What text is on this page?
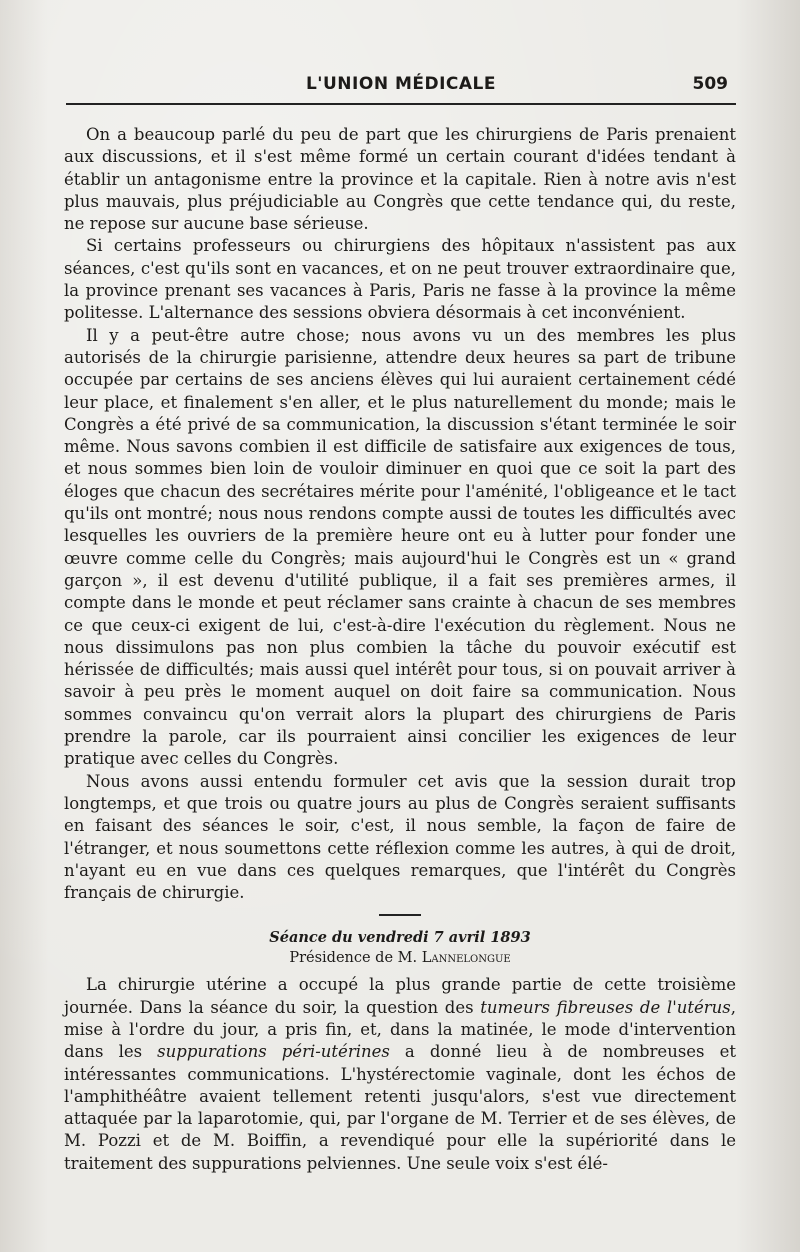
L'UNION MÉDICALE	509

On a beaucoup parlé du peu de part que les chirurgiens de Paris prenaient aux discussions, et il s'est même formé un certain courant d'idées tendant à établir un antagonisme entre la province et la capitale. Rien à notre avis n'est plus mauvais, plus préjudiciable au Congrès que cette tendance qui, du reste, ne repose sur aucune base sérieuse.

Si certains professeurs ou chirurgiens des hôpitaux n'assistent pas aux séances, c'est qu'ils sont en vacances, et on ne peut trouver extraordinaire que, la province prenant ses vacances à Paris, Paris ne fasse à la province la même politesse. L'alternance des sessions obviera désormais à cet inconvénient.

Il y a peut-être autre chose; nous avons vu un des membres les plus autorisés de la chirurgie parisienne, attendre deux heures sa part de tribune occupée par certains de ses anciens élèves qui lui auraient certainement cédé leur place, et finalement s'en aller, et le plus naturellement du monde; mais le Congrès a été privé de sa communication, la discussion s'étant terminée le soir même. Nous savons combien il est difficile de satisfaire aux exigences de tous, et nous sommes bien loin de vouloir diminuer en quoi que ce soit la part des éloges que chacun des secrétaires mérite pour l'aménité, l'obligeance et le tact qu'ils ont montré; nous nous rendons compte aussi de toutes les difficultés avec lesquelles les ouvriers de la première heure ont eu à lutter pour fonder une œuvre comme celle du Congrès; mais aujourd'hui le Congrès est un « grand garçon », il est devenu d'utilité publique, il a fait ses premières armes, il compte dans le monde et peut réclamer sans crainte à chacun de ses membres ce que ceux-ci exigent de lui, c'est-à-dire l'exécution du règlement. Nous ne nous dissimulons pas non plus combien la tâche du pouvoir exécutif est hérissée de difficultés; mais aussi quel intérêt pour tous, si on pouvait arriver à savoir à peu près le moment auquel on doit faire sa communication. Nous sommes convaincu qu'on verrait alors la plupart des chirurgiens de Paris prendre la parole, car ils pourraient ainsi concilier les exigences de leur pratique avec celles du Congrès.

Nous avons aussi entendu formuler cet avis que la session durait trop longtemps, et que trois ou quatre jours au plus de Congrès seraient suffisants en faisant des séances le soir, c'est, il nous semble, la façon de faire de l'étranger, et nous soumettons cette réflexion comme les autres, à qui de droit, n'ayant eu en vue dans ces quelques remarques, que l'intérêt du Congrès français de chirurgie.

Séance du vendredi 7 avril 1893
Présidence de M. Lannelongue

La chirurgie utérine a occupé la plus grande partie de cette troisième journée. Dans la séance du soir, la question des tumeurs fibreuses de l'utérus, mise à l'ordre du jour, a pris fin, et, dans la matinée, le mode d'intervention dans les suppurations péri-utérines a donné lieu à de nombreuses et intéressantes communications. L'hystérectomie vaginale, dont les échos de l'amphithéâtre avaient tellement retenti jusqu'alors, s'est vue directement attaquée par la laparotomie, qui, par l'organe de M. Terrier et de ses élèves, de M. Pozzi et de M. Boiffin, a revendiqué pour elle la supériorité dans le traitement des suppurations pelviennes. Une seule voix s'est élé-
